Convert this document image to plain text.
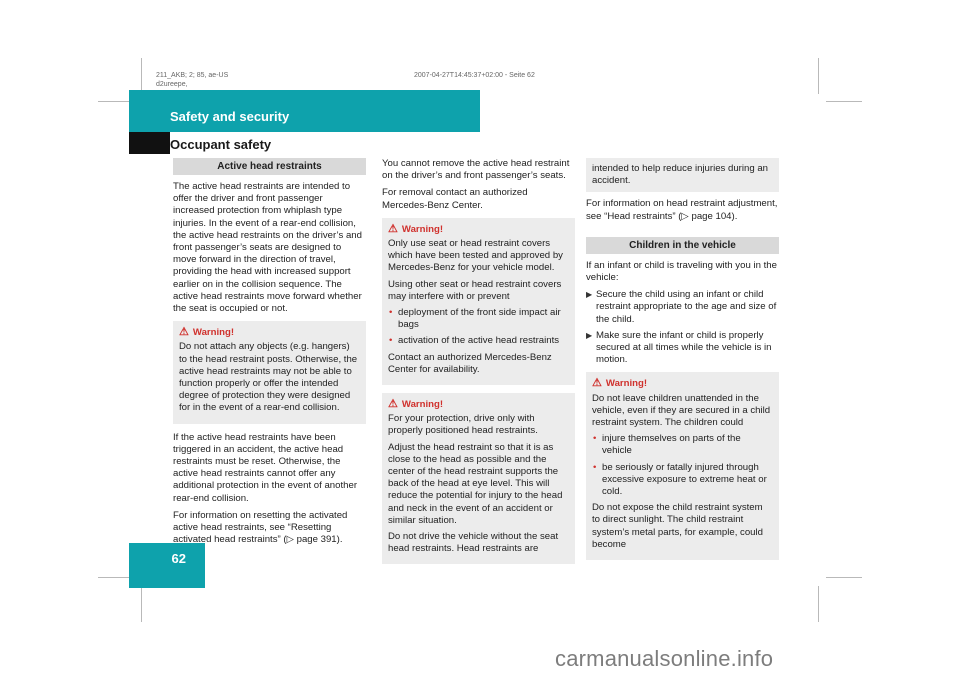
211_AKB; 2; 85, ae-US
d2ureepe,
2007-04-27T14:45:37+02:00 - Seite 62
Safety and security
Occupant safety
62
Active head restraints

The active head restraints are intended to offer the driver and front passenger increased protection from whiplash type injuries. In the event of a rear-end collision, the active head restraints on the driver’s and front passenger’s seats are designed to move forward in the direction of travel, providing the head with increased support earlier on in the collision sequence. The active head restraints move forward whether the seat is occupied or not.

⚠ Warning!

Do not attach any objects (e.g. hangers) to the head restraint posts. Otherwise, the active head restraints may not be able to function properly or offer the intended degree of protection they were designed for in the event of a rear-end collision.

If the active head restraints have been triggered in an accident, the active head restraints must be reset. Otherwise, the active head restraints cannot offer any additional protection in the event of another rear-end collision.

For information on resetting the activated active head restraints, see “Resetting activated head restraints” (▷ page 391).

You cannot remove the active head restraint on the driver’s and front passenger’s seats.

For removal contact an authorized Mercedes-Benz Center.

⚠ Warning!

Only use seat or head restraint covers which have been tested and approved by Mercedes-Benz for your vehicle model.

Using other seat or head restraint covers may interfere with or prevent

• deployment of the front side impact air bags
• activation of the active head restraints

Contact an authorized Mercedes-Benz Center for availability.

⚠ Warning!

For your protection, drive only with properly positioned head restraints.

Adjust the head restraint so that it is as close to the head as possible and the center of the head restraint supports the back of the head at eye level. This will reduce the potential for injury to the head and neck in the event of an accident or similar situation.

Do not drive the vehicle without the seat head restraints. Head restraints are

intended to help reduce injuries during an accident.

For information on head restraint adjustment, see “Head restraints” (▷ page 104).

Children in the vehicle

If an infant or child is traveling with you in the vehicle:

▶ Secure the child using an infant or child restraint appropriate to the age and size of the child.
▶ Make sure the infant or child is properly secured at all times while the vehicle is in motion.
⚠ Warning!

Do not leave children unattended in the vehicle, even if they are secured in a child restraint system. The children could

• injure themselves on parts of the vehicle
• be seriously or fatally injured through excessive exposure to extreme heat or cold.

Do not expose the child restraint system to direct sunlight. The child restraint system’s metal parts, for example, could become

carmanualsonline.info
